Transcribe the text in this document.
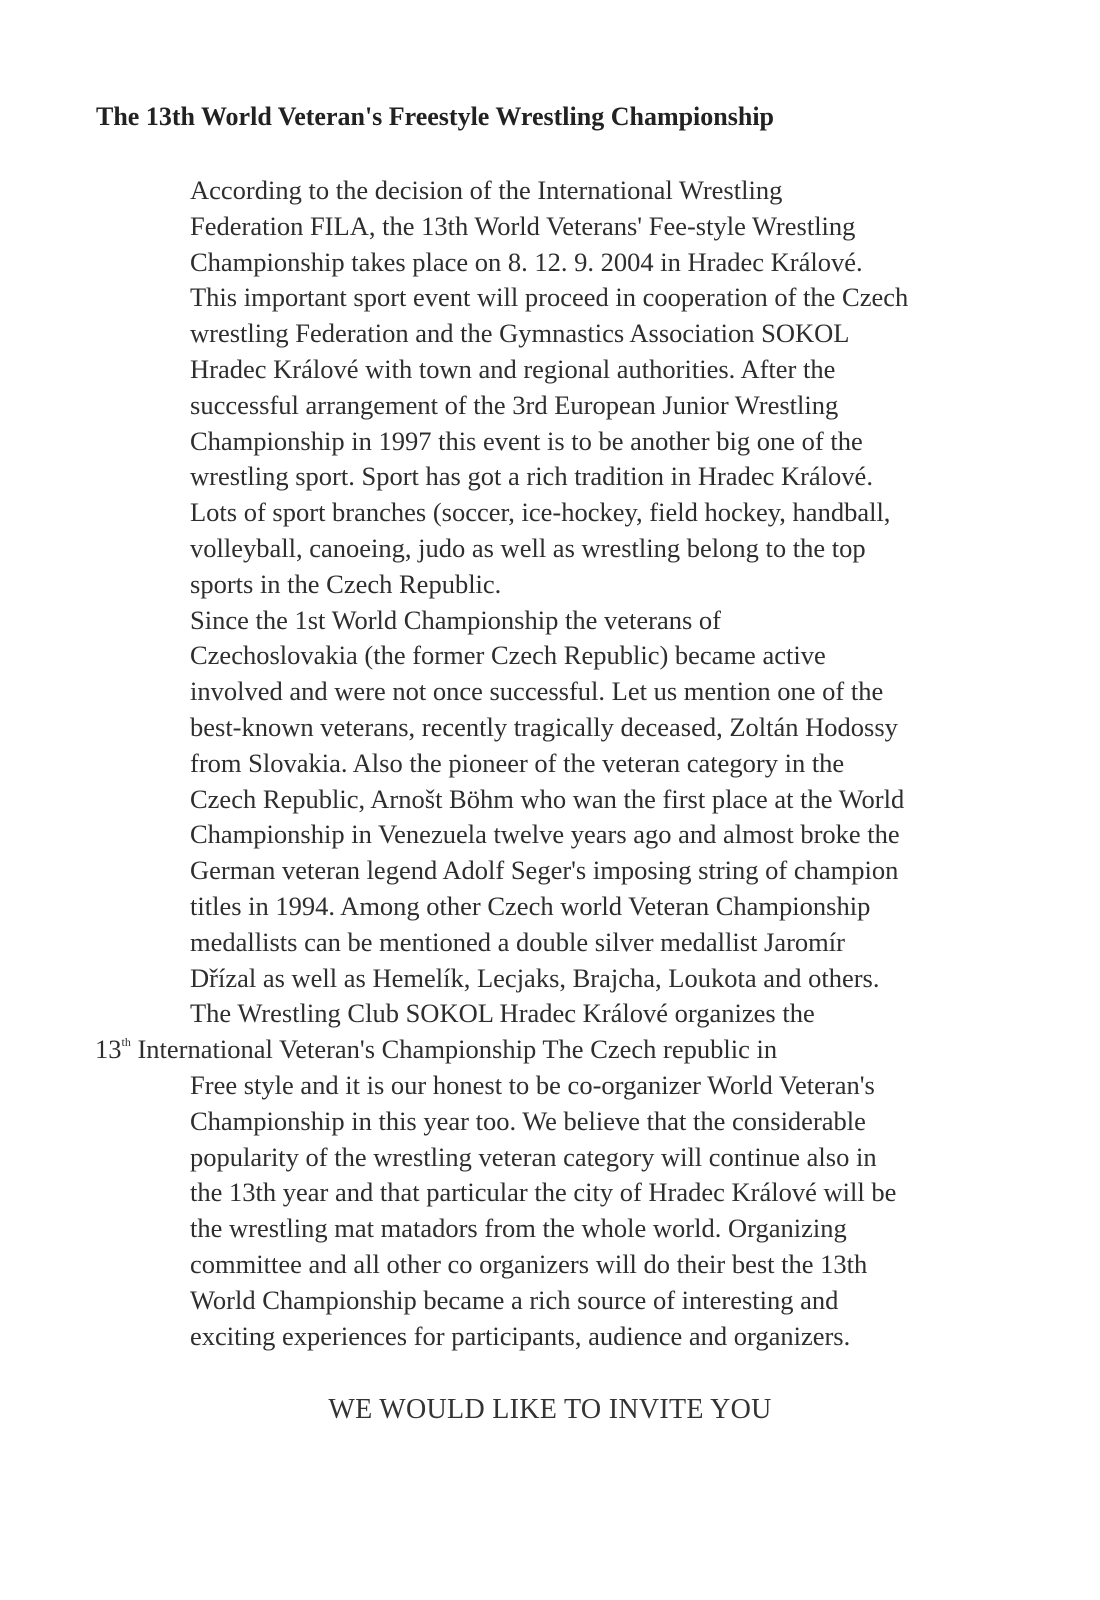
The 13th World Veteran's Freestyle Wrestling Championship

According to the decision of the International Wrestling
Federation FILA, the 13th World Veterans' Fee-style Wrestling
Championship takes place on 8. 12. 9. 2004 in Hradec Králové.
This important sport event will proceed in cooperation of the Czech
wrestling Federation and the Gymnastics Association SOKOL
Hradec Králové with town and regional authorities. After the
successful arrangement of the 3rd European Junior Wrestling
Championship in 1997 this event is to be another big one of the
wrestling sport. Sport has got a rich tradition in Hradec Králové.
Lots of sport branches (soccer, ice-hockey, field hockey, handball,
volleyball, canoeing, judo as well as wrestling belong to the top
sports in the Czech Republic.

Since the 1st World Championship the veterans of
Czechoslovakia (the former Czech Republic) became active
involved and were not once successful. Let us mention one of the
best-known veterans, recently tragically deceased, Zoltán Hodossy
from Slovakia. Also the pioneer of the veteran category in the
Czech Republic, Arnošt Böhm who wan the first place at the World
Championship in Venezuela twelve years ago and almost broke the
German veteran legend Adolf Seger's imposing string of champion
titles in 1994. Among other Czech world Veteran Championship
medallists can be mentioned a double silver medallist Jaromír
Dřízal as well as Hemelík, Lecjaks, Brajcha, Loukota and others.

The Wrestling Club SOKOL Hradec Králové organizes the
13th International Veteran's Championship The Czech republic in
Free style and it is our honest to be co-organizer World Veteran's
Championship in this year too. We believe that the considerable
popularity of the wrestling veteran category will continue also in
the 13th year and that particular the city of Hradec Králové will be
the wrestling mat matadors from the whole world. Organizing
committee and all other co organizers will do their best the 13th
World Championship became a rich source of interesting and
exciting experiences for participants, audience and organizers.

WE WOULD LIKE TO INVITE YOU
